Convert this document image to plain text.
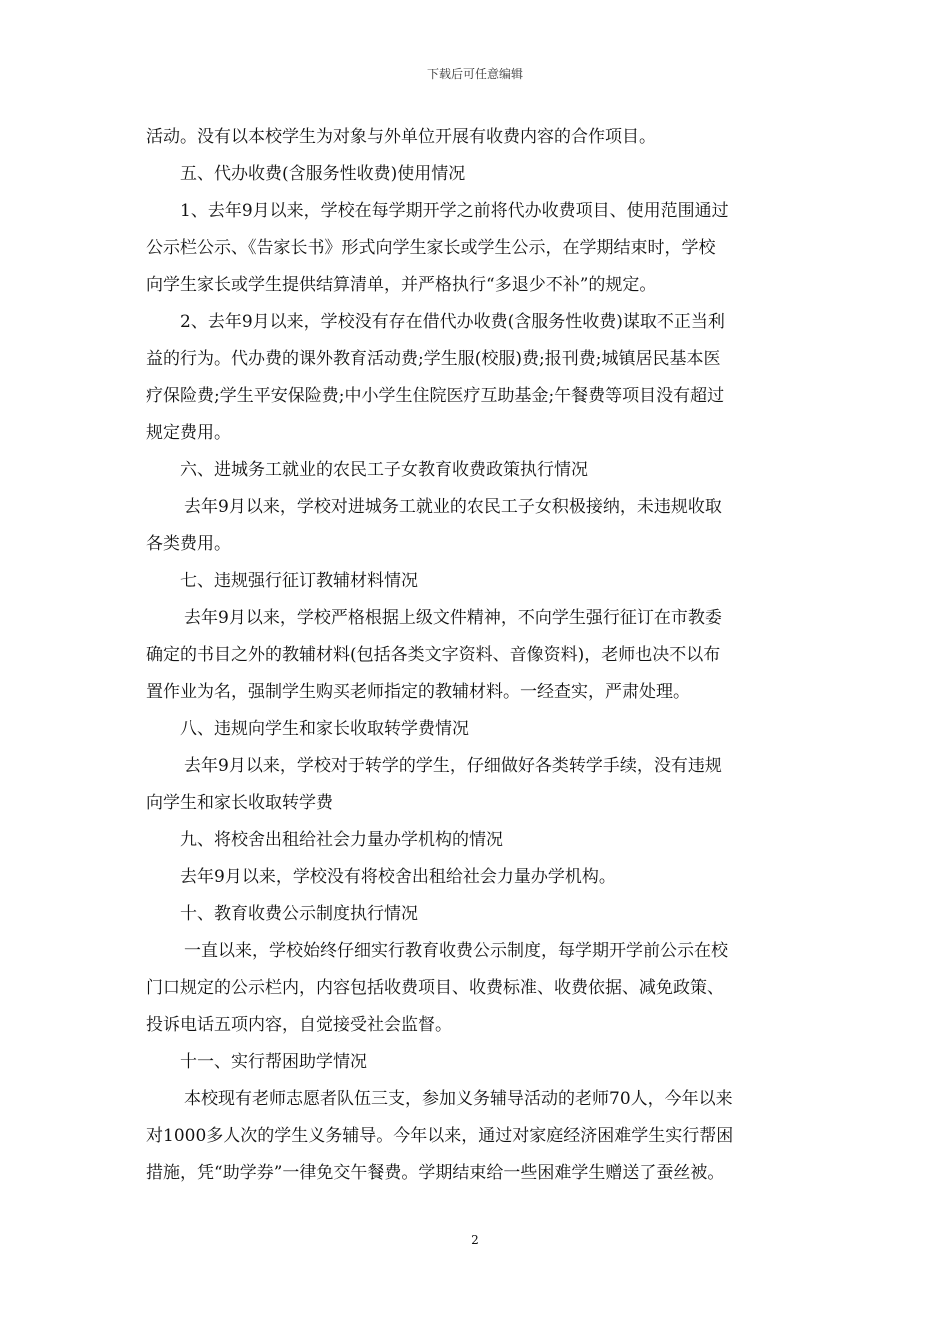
下载后可任意编辑
活动。没有以本校学生为对象与外单位开展有收费内容的合作项目。
五、代办收费(含服务性收费)使用情况
1、去年9月以来，学校在每学期开学之前将代办收费项目、使用范围通过
公示栏公示、《告家长书》形式向学生家长或学生公示，在学期结束时，学校
向学生家长或学生提供结算清单，并严格执行“多退少不补”的规定。
2、去年9月以来，学校没有存在借代办收费(含服务性收费)谋取不正当利
益的行为。代办费的课外教育活动费;学生服(校服)费;报刊费;城镇居民基本医
疗保险费;学生平安保险费;中小学生住院医疗互助基金;午餐费等项目没有超过
规定费用。
六、进城务工就业的农民工子女教育收费政策执行情况
去年9月以来，学校对进城务工就业的农民工子女积极接纳，未违规收取
各类费用。
七、违规强行征订教辅材料情况
去年9月以来，学校严格根据上级文件精神，不向学生强行征订在市教委
确定的书目之外的教辅材料(包括各类文字资料、音像资料)，老师也决不以布
置作业为名，强制学生购买老师指定的教辅材料。一经查实，严肃处理。
八、违规向学生和家长收取转学费情况
去年9月以来，学校对于转学的学生，仔细做好各类转学手续，没有违规
向学生和家长收取转学费
九、将校舍出租给社会力量办学机构的情况
去年9月以来，学校没有将校舍出租给社会力量办学机构。
十、教育收费公示制度执行情况
一直以来，学校始终仔细实行教育收费公示制度，每学期开学前公示在校
门口规定的公示栏内，内容包括收费项目、收费标准、收费依据、减免政策、
投诉电话五项内容，自觉接受社会监督。
十一、实行帮困助学情况
本校现有老师志愿者队伍三支，参加义务辅导活动的老师70人，今年以来
对1000多人次的学生义务辅导。今年以来，通过对家庭经济困难学生实行帮困
措施，凭“助学券”一律免交午餐费。学期结束给一些困难学生赠送了蚕丝被。
2
